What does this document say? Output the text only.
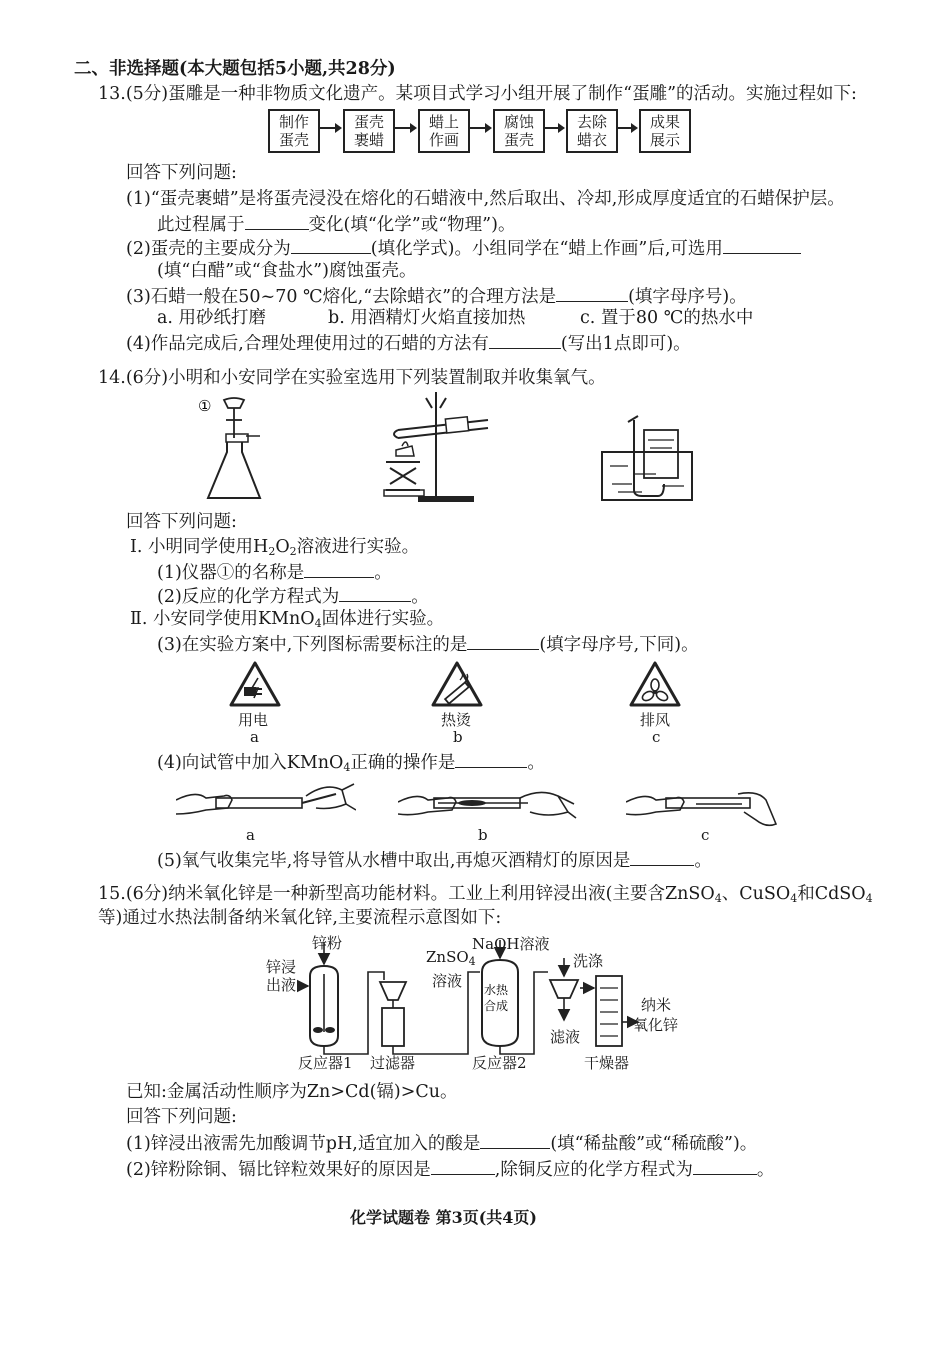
二、非选择题(本大题包括5小题,共28分)
13.(5分)蛋雕是一种非物质文化遗产。某项目式学习小组开展了制作“蛋雕”的活动。实施过程如下:
制作
蛋壳
蛋壳
裹蜡
蜡上
作画
腐蚀
蛋壳
去除
蜡衣
成果
展示
回答下列问题:
(1)“蛋壳裹蜡”是将蛋壳浸没在熔化的石蜡液中,然后取出、冷却,形成厚度适宜的石蜡保护层。
此过程属于	变化(填“化学”或“物理”)。
(2)蛋壳的主要成分为	(填化学式)。小组同学在“蜡上作画”后,可选用
(填“白醋”或“食盐水”)腐蚀蛋壳。
(3)石蜡一般在50~70 ℃熔化,“去除蜡衣”的合理方法是	(填字母序号)。
a. 用砂纸打磨	b. 用酒精灯火焰直接加热	c. 置于80 ℃的热水中
(4)作品完成后,合理处理使用过的石蜡的方法有	(写出1点即可)。
14.(6分)小明和小安同学在实验室选用下列装置制取并收集氧气。
①
回答下列问题:
Ⅰ. 小明同学使用$H_2O_2$溶液进行实验。
(1)仪器①的名称是	。
(2)反应的化学方程式为	。
Ⅱ. 小安同学使用KMnO$_4$固体进行实验。
(3)在实验方案中,下列图标需要标注的是	(填字母序号,下同)。
用电
a
热烫
b
排风
c
(4)向试管中加入KMnO$_4$正确的操作是	。
a	b	c
(5)氧气收集完毕,将导管从水槽中取出,再熄灭酒精灯的原因是	。
15.(6分)纳米氧化锌是一种新型高功能材料。工业上利用锌浸出液(主要含ZnSO$_4$、CuSO$_4$和CdSO$_4$
等)通过水热法制备纳米氧化锌,主要流程示意图如下:
水热
合成
锌粉
锌浸
出液
ZnSO$_4$
溶液
NaOH溶液
洗涤
滤液
纳米
氧化锌
反应器1 过滤器	反应器2	干燥器
已知:金属活动性顺序为Zn>Cd(镉)>Cu。
回答下列问题:
(1)锌浸出液需先加酸调节pH,适宜加入的酸是	(填“稀盐酸”或“稀硫酸”)。
(2)锌粉除铜、镉比锌粒效果好的原因是	,除铜反应的化学方程式为	。
化学试题卷 第3页(共4页)
